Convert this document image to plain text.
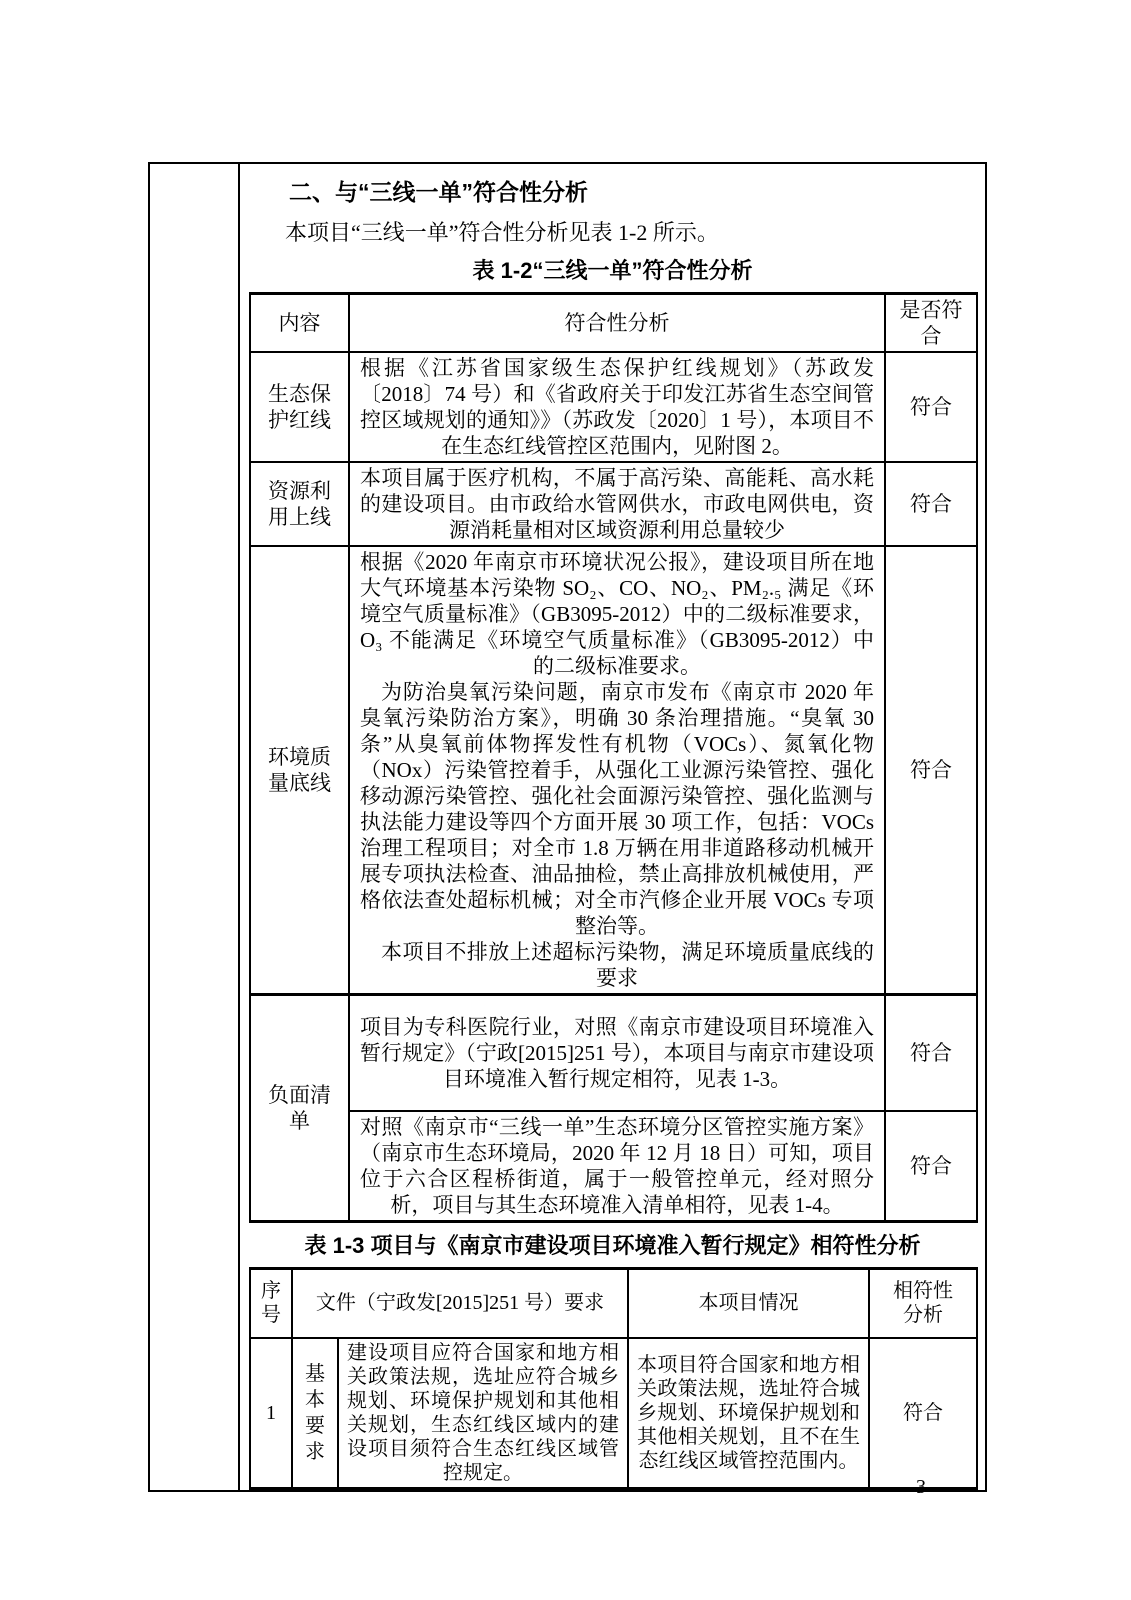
二、与“三线一单”符合性分析
本项目“三线一单”符合性分析见表 1-2 所示。
表 1-2“三线一单”符合性分析
内容	符合性分析	是否符合
生态保护红线	根据《江苏省国家级生态保护红线规划》（苏政发〔2018〕74 号）和《省政府关于印发江苏省生态空间管控区域规划的通知》》（苏政发〔2020〕1 号），本项目不在生态红线管控区范围内，见附图 2。	符合
资源利用上线	本项目属于医疗机构，不属于高污染、高能耗、高水耗的建设项目。由市政给水管网供水，市政电网供电，资源消耗量相对区域资源利用总量较少	符合
环境质量底线	根据《2020 年南京市环境状况公报》，建设项目所在地大气环境基本污染物 SO₂、CO、NO₂、PM₂.₅ 满足《环境空气质量标准》（GB3095-2012）中的二级标准要求，O₃ 不能满足《环境空气质量标准》（GB3095-2012）中的二级标准要求。

为防治臭氧污染问题，南京市发布《南京市 2020 年臭氧污染防治方案》，明确 30 条治理措施。“臭氧 30 条”从臭氧前体物挥发性有机物（VOCs）、氮氧化物（NOx）污染管控着手，从强化工业源污染管控、强化移动源污染管控、强化社会面源污染管控、强化监测与执法能力建设等四个方面开展 30 项工作，包括：VOCs 治理工程项目；对全市 1.8 万辆在用非道路移动机械开展专项执法检查、油品抽检，禁止高排放机械使用，严格依法查处超标机械；对全市汽修企业开展 VOCs 专项整治等。

本项目不排放上述超标污染物，满足环境质量底线的要求	符合
负面清单	项目为专科医院行业，对照《南京市建设项目环境准入暂行规定》（宁政[2015]251 号），本项目与南京市建设项目环境准入暂行规定相符，见表 1-3。	符合

	对照《南京市“三线一单”生态环境分区管控实施方案》（南京市生态环境局，2020 年 12 月 18 日）可知，项目位于六合区程桥街道，属于一般管控单元，经对照分析，项目与其生态环境准入清单相符，见表 1-4。	符合
表 1-3 项目与《南京市建设项目环境准入暂行规定》相符性分析
序号	文件（宁政发[2015]251 号）要求		本项目情况	相符性分析
1	基本要求	建设项目应符合国家和地方相关政策法规，选址应符合城乡规划、环境保护规划和其他相关规划，生态红线区域内的建设项目须符合生态红线区域管控规定。	本项目符合国家和地方相关政策法规，选址符合城乡规划、环境保护规划和其他相关规划，且不在生态红线区域管控范围内。	符合
—3—
